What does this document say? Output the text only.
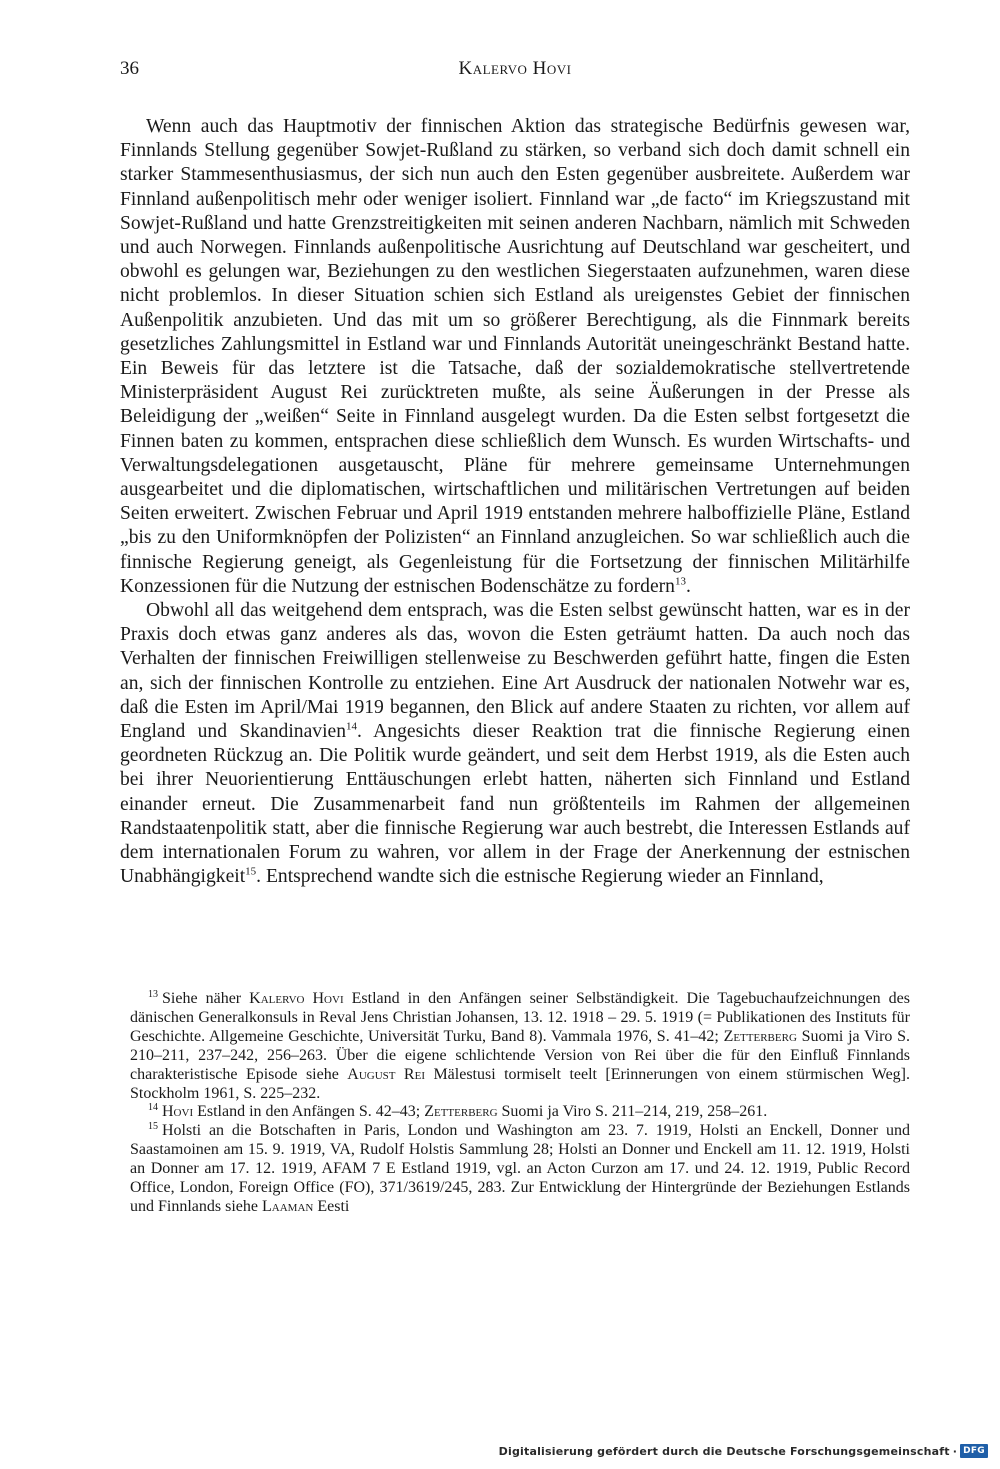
36	Kalervo Hovi

Wenn auch das Hauptmotiv der finnischen Aktion das strategische Bedürfnis gewesen war, Finnlands Stellung gegenüber Sowjet-Rußland zu stärken, so verband sich doch damit schnell ein starker Stammesenthusiasmus, der sich nun auch den Esten gegenüber ausbreitete. Außerdem war Finnland außenpolitisch mehr oder weniger isoliert. Finnland war „de facto“ im Kriegszustand mit Sowjet-Rußland und hatte Grenzstreitigkeiten mit seinen anderen Nachbarn, nämlich mit Schweden und auch Norwegen. Finnlands außenpolitische Ausrichtung auf Deutschland war gescheitert, und obwohl es gelungen war, Beziehungen zu den westlichen Siegerstaaten aufzunehmen, waren diese nicht problemlos. In dieser Situation schien sich Estland als ureigenstes Gebiet der finnischen Außenpolitik anzubieten. Und das mit um so größerer Berechtigung, als die Finnmark bereits gesetzliches Zahlungsmittel in Estland war und Finnlands Autorität uneingeschränkt Bestand hatte. Ein Beweis für das letztere ist die Tatsache, daß der sozialdemokratische stellvertretende Ministerpräsident August Rei zurücktreten mußte, als seine Äußerungen in der Presse als Beleidigung der „weißen“ Seite in Finnland ausgelegt wurden. Da die Esten selbst fortgesetzt die Finnen baten zu kommen, entsprachen diese schließlich dem Wunsch. Es wurden Wirtschafts- und Verwaltungsdelegationen ausgetauscht, Pläne für mehrere gemeinsame Unternehmungen ausgearbeitet und die diplomatischen, wirtschaftlichen und militärischen Vertretungen auf beiden Seiten erweitert. Zwischen Februar und April 1919 entstanden mehrere halboffizielle Pläne, Estland „bis zu den Uniformknöpfen der Polizisten“ an Finnland anzugleichen. So war schließlich auch die finnische Regierung geneigt, als Gegenleistung für die Fortsetzung der finnischen Militärhilfe Konzessionen für die Nutzung der estnischen Bodenschätze zu fordern$^{13}$.

Obwohl all das weitgehend dem entsprach, was die Esten selbst gewünscht hatten, war es in der Praxis doch etwas ganz anderes als das, wovon die Esten geträumt hatten. Da auch noch das Verhalten der finnischen Freiwilligen stellenweise zu Beschwerden geführt hatte, fingen die Esten an, sich der finnischen Kontrolle zu entziehen. Eine Art Ausdruck der nationalen Notwehr war es, daß die Esten im April/Mai 1919 begannen, den Blick auf andere Staaten zu richten, vor allem auf England und Skandinavien$^{14}$. Angesichts dieser Reaktion trat die finnische Regierung einen geordneten Rückzug an. Die Politik wurde geändert, und seit dem Herbst 1919, als die Esten auch bei ihrer Neuorientierung Enttäuschungen erlebt hatten, näherten sich Finnland und Estland einander erneut. Die Zusammenarbeit fand nun größtenteils im Rahmen der allgemeinen Randstaatenpolitik statt, aber die finnische Regierung war auch bestrebt, die Interessen Estlands auf dem internationalen Forum zu wahren, vor allem in der Frage der Anerkennung der estnischen Unabhängigkeit$^{15}$. Entsprechend wandte sich die estnische Regierung wieder an Finnland,

$^{13}$ Siehe näher Kalervo Hovi Estland in den Anfängen seiner Selbständigkeit. Die Tagebuchaufzeichnungen des dänischen Generalkonsuls in Reval Jens Christian Johansen, 13. 12. 1918 – 29. 5. 1919 (= Publikationen des Instituts für Geschichte. Allgemeine Geschichte, Universität Turku, Band 8). Vammala 1976, S. 41–42; Zetterberg Suomi ja Viro S. 210–211, 237–242, 256–263. Über die eigene schlichtende Version von Rei über die für den Einfluß Finnlands charakteristische Episode siehe August Rei Mälestusi tormiselt teelt [Erinnerungen von einem stürmischen Weg]. Stockholm 1961, S. 225–232.

$^{14}$ Hovi Estland in den Anfängen S. 42–43; Zetterberg Suomi ja Viro S. 211–214, 219, 258–261.

$^{15}$ Holsti an die Botschaften in Paris, London und Washington am 23. 7. 1919, Holsti an Enckell, Donner und Saastamoinen am 15. 9. 1919, VA, Rudolf Holstis Sammlung 28; Holsti an Donner und Enckell am 11. 12. 1919, Holsti an Donner am 17. 12. 1919, AFAM 7 E Estland 1919, vgl. an Acton Curzon am 17. und 24. 12. 1919, Public Record Office, London, Foreign Office (FO), 371/3619/245, 283. Zur Entwicklung der Hintergründe der Beziehungen Estlands und Finnlands siehe Laaman Eesti

Digitalisierung gefördert durch die Deutsche Forschungsgemeinschaft · DFG
